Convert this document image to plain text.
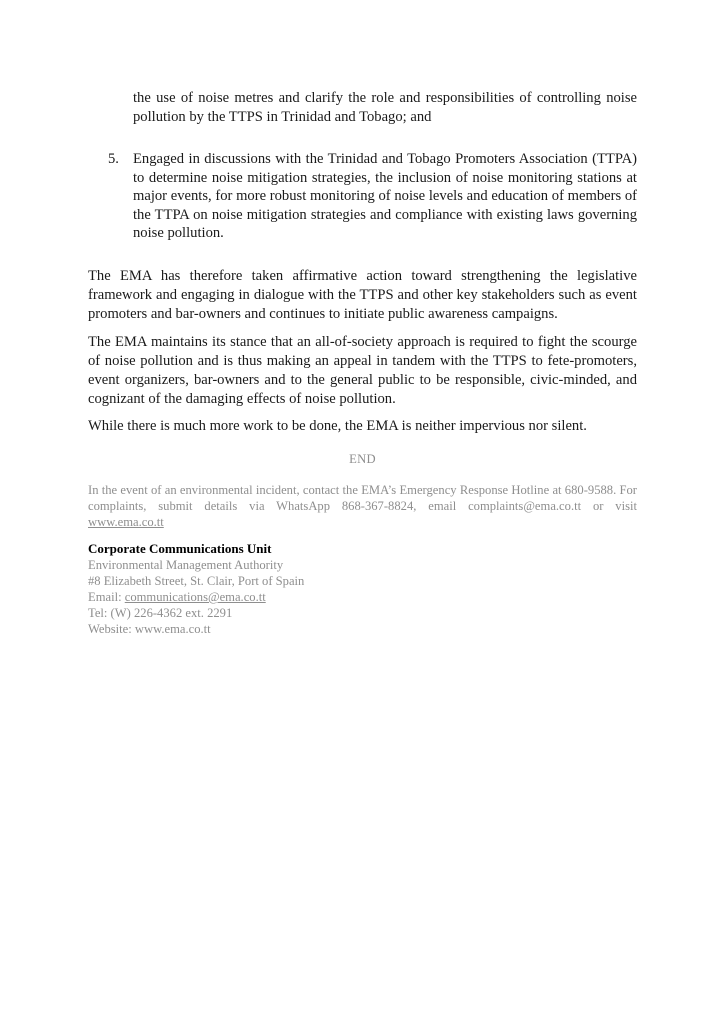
the use of noise metres and clarify the role and responsibilities of controlling noise pollution by the TTPS in Trinidad and Tobago; and
5. Engaged in discussions with the Trinidad and Tobago Promoters Association (TTPA) to determine noise mitigation strategies, the inclusion of noise monitoring stations at major events, for more robust monitoring of noise levels and education of members of the TTPA on noise mitigation strategies and compliance with existing laws governing noise pollution.

The EMA has therefore taken affirmative action toward strengthening the legislative framework and engaging in dialogue with the TTPS and other key stakeholders such as event promoters and bar-owners and continues to initiate public awareness campaigns.

The EMA maintains its stance that an all-of-society approach is required to fight the scourge of noise pollution and is thus making an appeal in tandem with the TTPS to fete-promoters, event organizers, bar-owners and to the general public to be responsible, civic-minded, and cognizant of the damaging effects of noise pollution.

While there is much more work to be done, the EMA is neither impervious nor silent.

END
In the event of an environmental incident, contact the EMA’s Emergency Response Hotline at 680-9588. For complaints, submit details via WhatsApp 868-367-8824, email complaints@ema.co.tt or visit www.ema.co.tt
Corporate Communications Unit
Environmental Management Authority
#8 Elizabeth Street, St. Clair, Port of Spain
Email: communications@ema.co.tt
Tel: (W) 226-4362 ext. 2291
Website: www.ema.co.tt
